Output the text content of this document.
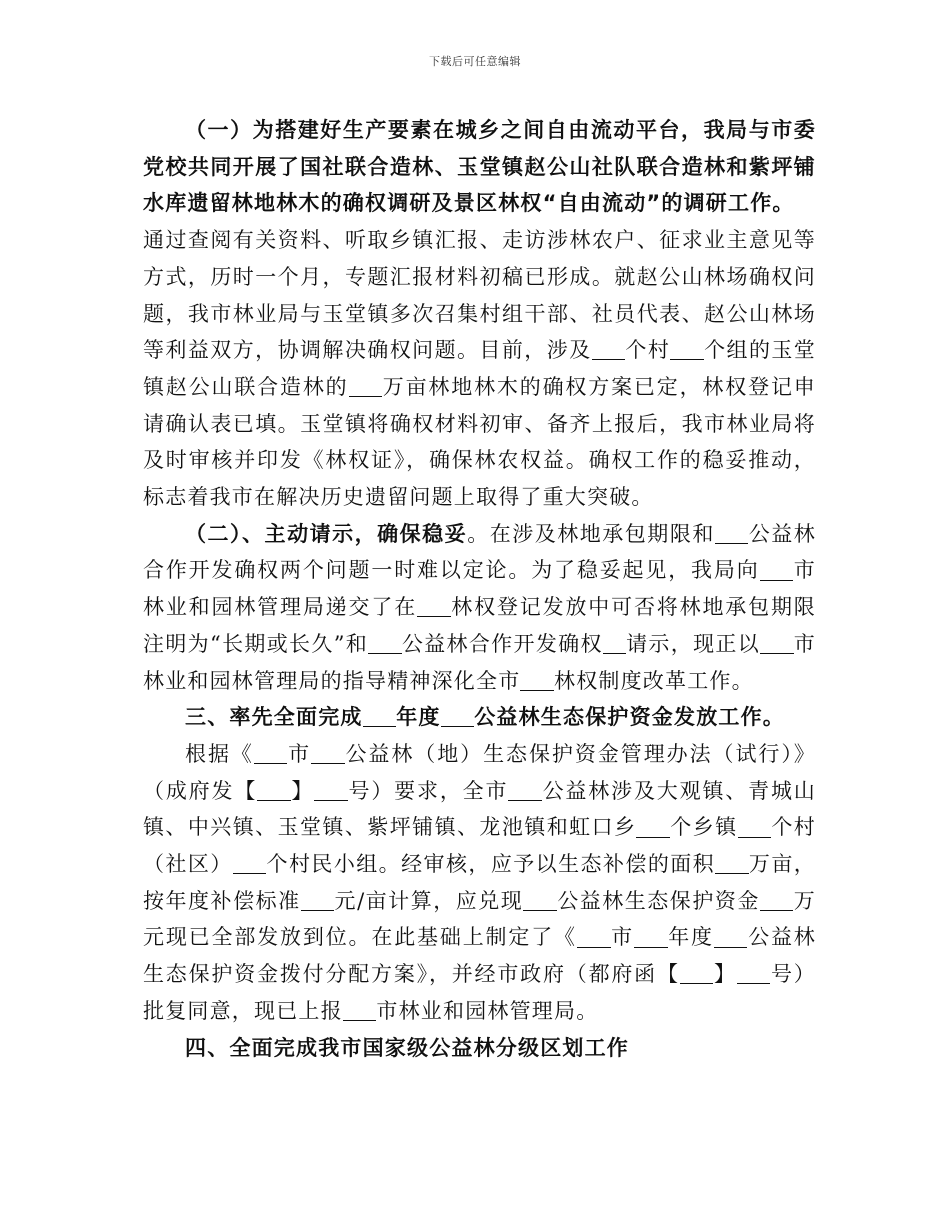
下载后可任意编辑

（一）为搭建好生产要素在城乡之间自由流动平台，我局与市委党校共同开展了国社联合造林、玉堂镇赵公山社队联合造林和紫坪铺水库遗留林地林木的确权调研及景区林权“自由流动”的调研工作。

通过查阅有关资料、听取乡镇汇报、走访涉林农户、征求业主意见等方式，历时一个月，专题汇报材料初稿已形成。就赵公山林场确权问题，我市林业局与玉堂镇多次召集村组干部、社员代表、赵公山林场等利益双方，协调解决确权问题。目前，涉及 个村 个组的玉堂镇赵公山联合造林的 万亩林地林木的确权方案已定，林权登记申请确认表已填。玉堂镇将确权材料初审、备齐上报后，我市林业局将及时审核并印发《林权证》，确保林农权益。确权工作的稳妥推动，标志着我市在解决历史遗留问题上取得了重大突破。

（二）、主动请示，确保稳妥。在涉及林地承包期限和 公益林合作开发确权两个问题一时难以定论。为了稳妥起见，我局向 市林业和园林管理局递交了在 林权登记发放中可否将林地承包期限注明为“长期或长久”和 公益林合作开发确权 请示，现正以 市林业和园林管理局的指导精神深化全市 林权制度改革工作。

三、率先全面完成 年度 公益林生态保护资金发放工作。

根据《 市 公益林（地）生态保护资金管理办法（试行）》（成府发【 】 号）要求，全市 公益林涉及大观镇、青城山镇、中兴镇、玉堂镇、紫坪铺镇、龙池镇和虹口乡 个乡镇 个村（社区） 个村民小组。经审核，应予以生态补偿的面积 万亩，按年度补偿标准 元/亩计算，应兑现 公益林生态保护资金 万元现已全部发放到位。在此基础上制定了《 市 年度 公益林生态保护资金拨付分配方案》，并经市政府（都府函【 】 号）批复同意，现已上报 市林业和园林管理局。

四、全面完成我市国家级公益林分级区划工作
